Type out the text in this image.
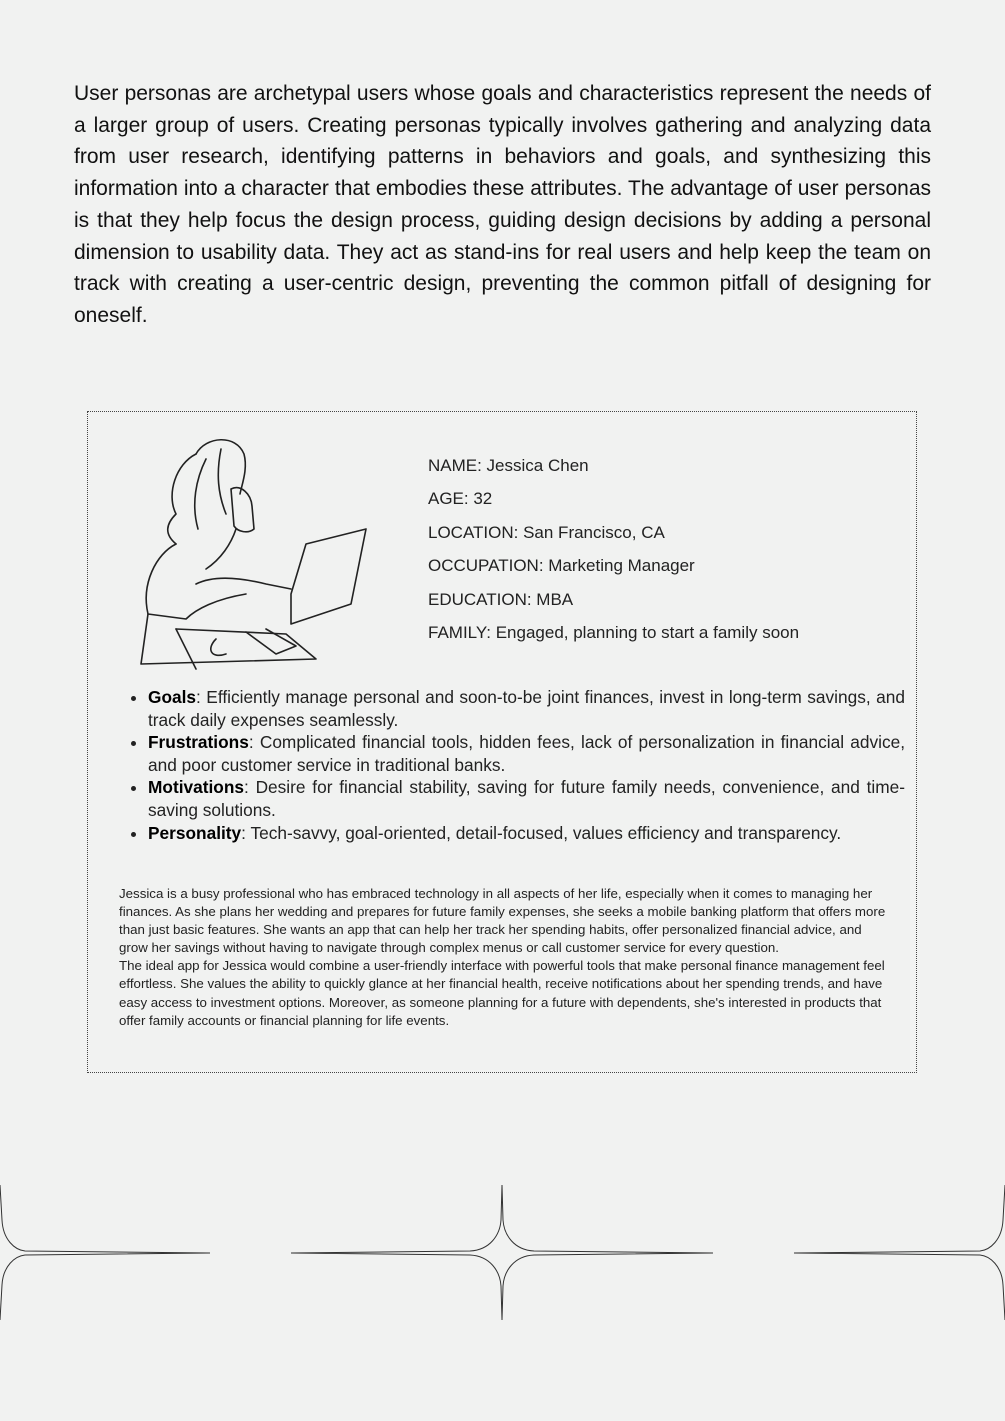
User personas are archetypal users whose goals and characteristics represent the needs of a larger group of users. Creating personas typically involves gathering and analyzing data from user research, identifying patterns in behaviors and goals, and synthesizing this information into a character that embodies these attributes. The advantage of user personas is that they help focus the design process, guiding design decisions by adding a personal dimension to usability data. They act as stand-ins for real users and help keep the team on track with creating a user-centric design, preventing the common pitfall of designing for oneself.

NAME: Jessica Chen
AGE: 32
LOCATION: San Francisco, CA
OCCUPATION: Marketing Manager
EDUCATION: MBA
FAMILY: Engaged, planning to start a family soon
• Goals: Efficiently manage personal and soon-to-be joint finances, invest in long-term savings, and track daily expenses seamlessly.
• Frustrations: Complicated financial tools, hidden fees, lack of personalization in financial advice, and poor customer service in traditional banks.
• Motivations: Desire for financial stability, saving for future family needs, convenience, and time-saving solutions.
• Personality: Tech-savvy, goal-oriented, detail-focused, values efficiency and transparency.

Jessica is a busy professional who has embraced technology in all aspects of her life, especially when it comes to managing her finances. As she plans her wedding and prepares for future family expenses, she seeks a mobile banking platform that offers more than just basic features. She wants an app that can help her track her spending habits, offer personalized financial advice, and grow her savings without having to navigate through complex menus or call customer service for every question.

The ideal app for Jessica would combine a user-friendly interface with powerful tools that make personal finance management feel effortless. She values the ability to quickly glance at her financial health, receive notifications about her spending trends, and have easy access to investment options. Moreover, as someone planning for a future with dependents, she's interested in products that offer family accounts or financial planning for life events.
